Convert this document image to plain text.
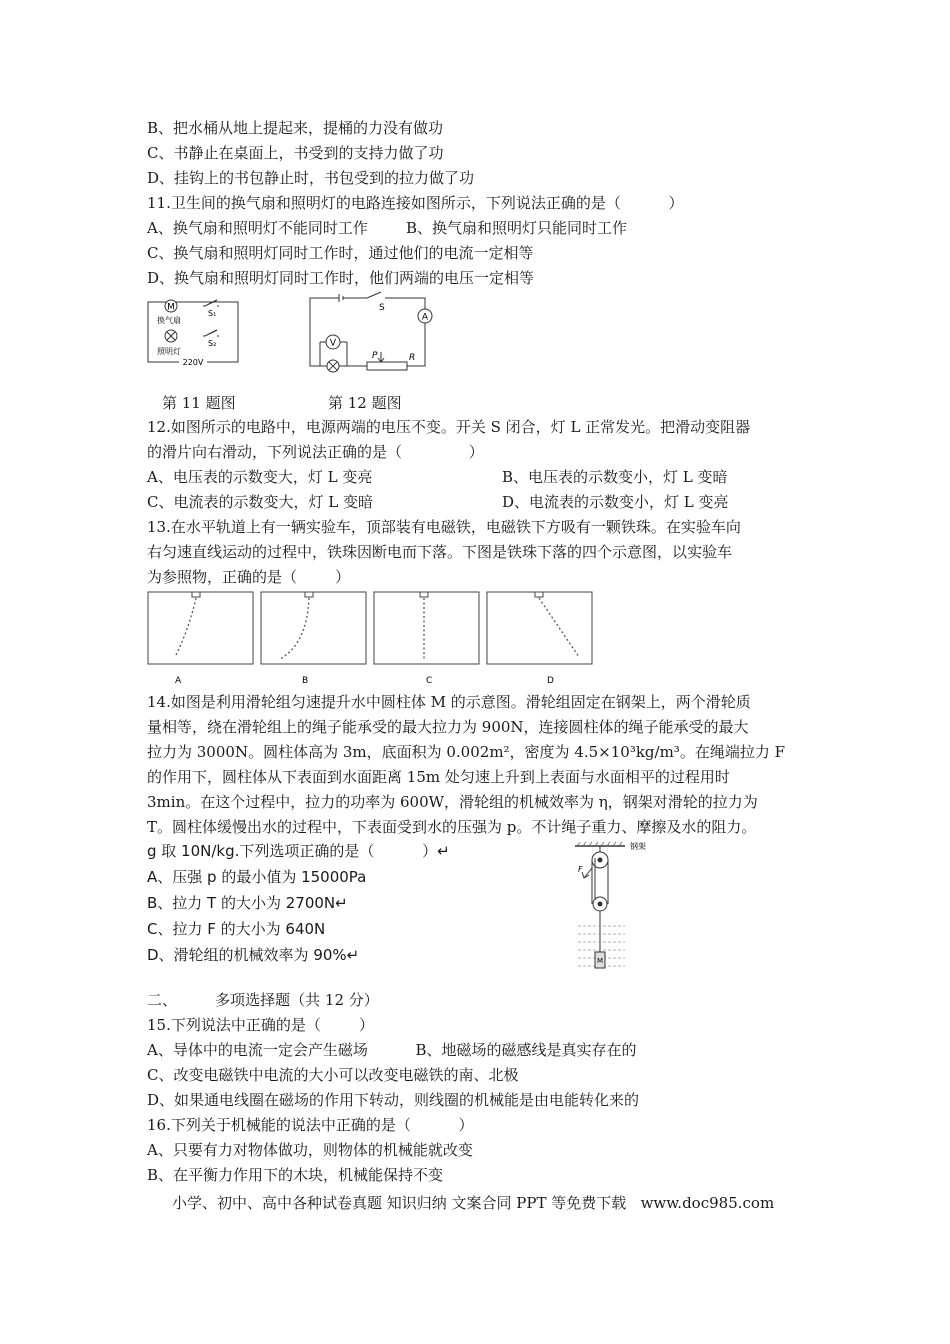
B、把水桶从地上提起来，提桶的力没有做功
C、书静止在桌面上，书受到的支持力做了功
D、挂钩上的书包静止时，书包受到的拉力做了功
11.卫生间的换气扇和照明灯的电路连接如图所示，下列说法正确的是（          ）
A、换气扇和照明灯不能同时工作        B、换气扇和照明灯只能同时工作
C、换气扇和照明灯同时工作时，通过他们的电流一定相等
D、换气扇和照明灯同时工作时，他们两端的电压一定相等
M
换气扇
照明灯
S₁
S₂
220V
S
A
V
P	R
第 11 题图	第 12 题图
12.如图所示的电路中，电源两端的电压不变。开关 S 闭合，灯 L 正常发光。把滑动变阻器
的滑片向右滑动，下列说法正确的是（              ）
A、电压表的示数变大，灯 L 变亮	B、电压表的示数变小，灯 L 变暗
C、电流表的示数变大，灯 L 变暗	D、电流表的示数变小，灯 L 变亮
13.在水平轨道上有一辆实验车，顶部装有电磁铁，电磁铁下方吸有一颗铁珠。在实验车向
右匀速直线运动的过程中，铁珠因断电而下落。下图是铁珠下落的四个示意图，以实验车
为参照物，正确的是（        ）
A	B	C	D
14.如图是利用滑轮组匀速提升水中圆柱体 M 的示意图。滑轮组固定在钢架上，两个滑轮质
量相等，绕在滑轮组上的绳子能承受的最大拉力为 900N，连接圆柱体的绳子能承受的最大
拉力为 3000N。圆柱体高为 3m，底面积为 0.002m²，密度为 4.5×10³kg/m³。在绳端拉力 F
的作用下，圆柱体从下表面到水面距离 15m 处匀速上升到上表面与水面相平的过程用时
3min。在这个过程中，拉力的功率为 600W，滑轮组的机械效率为 η，钢架对滑轮的拉力为
T。圆柱体缓慢出水的过程中，下表面受到水的压强为 p。不计绳子重力、摩擦及水的阻力。
g 取 10N/kg.下列选项正确的是（          ）↵
A、压强 p 的最小值为 15000Pa
B、拉力 T 的大小为 2700N↵
C、拉力 F 的大小为 640N
D、滑轮组的机械效率为 90%↵
钢架
F
M
二、        多项选择题（共 12 分）
15.下列说法中正确的是（        ）
A、导体中的电流一定会产生磁场          B、地磁场的磁感线是真实存在的
C、改变电磁铁中电流的大小可以改变电磁铁的南、北极
D、如果通电线圈在磁场的作用下转动，则线圈的机械能是由电能转化来的
16.下列关于机械能的说法中正确的是（          ）
A、只要有力对物体做功，则物体的机械能就改变
B、在平衡力作用下的木块，机械能保持不变
小学、初中、高中各种试卷真题 知识归纳 文案合同 PPT 等免费下载   www.doc985.com
